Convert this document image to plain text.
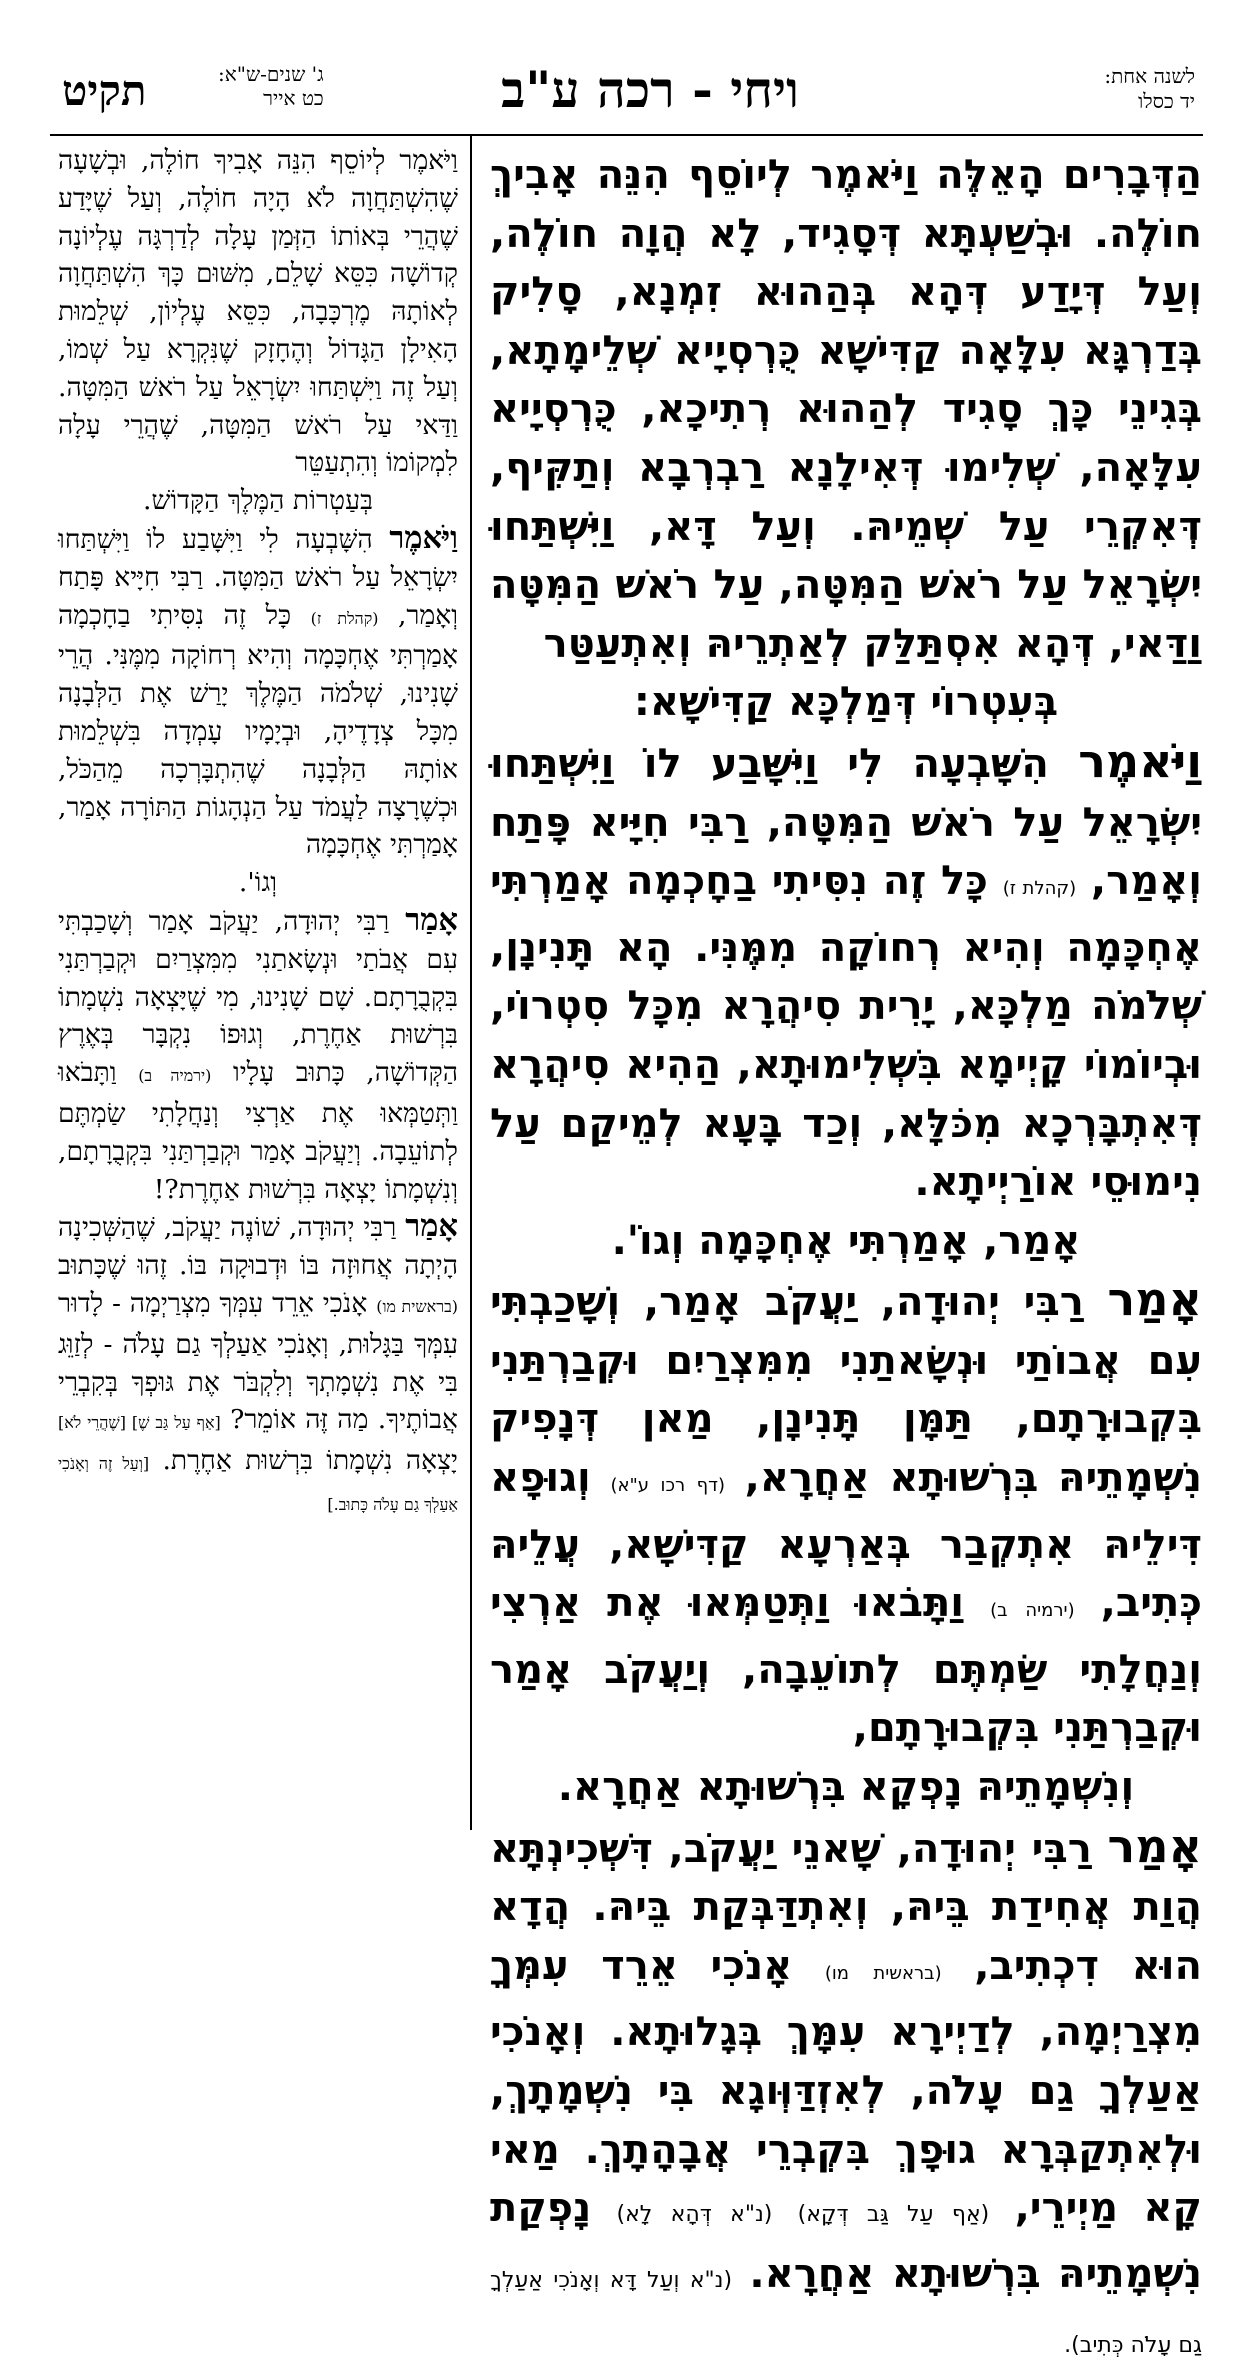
תקיט	ג' שנים-ש"א:
כט אייר	ויחי - רכה ע"ב	לשנה אחת:
יד כסלו

הַדְּבָרִים הָאֵלֶּה וַיֹּאמֶר לְיוֹסֵף הִנֵּה אָבִיךְ חוֹלֶה. וּבְשַׁעְתָּא דְּסָגִיד, לָא הֲוָה חוֹלֶה, וְעַל דְּיָדַע דְּהָא בְּהַהוּא זִמְנָא, סָלִיק בְּדַרְגָּא עִלָּאָה קַדִּישָׁא כֻּרְסְיָיא שְׁלֵימָתָא, בְּגִינֵי כָּךְ סָגִיד לְהַהוּא רְתִיכָא, כֻּרְסְיָיא עִלָּאָה, שְׁלִימוּ דְּאִילָנָא רַבְרְבָא וְתַקִּיף, דְּאִקְרֵי עַל שְׁמֵיהּ. וְעַל דָּא, וַיִּשְׁתַּחוּ יִשְׂרָאֵל עַל רֹאשׁ הַמִּטָּה, עַל רֹאשׁ הַמִּטָּה וַדַּאי, דְּהָא אִסְתַּלַּק לְאַתְרֵיהּ וְאִתְעַטַּר

בְּעִטְרוֹי דְּמַלְכָּא קַדִּישָׁא:

וַיֹּאמֶר הִשָּׁבְעָה לִי וַיִּשָּׁבַע לוֹ וַיִּשְׁתַּחוּ יִשְׂרָאֵל עַל רֹאשׁ הַמִּטָּה, רַבִּי חִיָּיא פָּתַח וְאָמַר, (קהלת ז) כָּל זֶה נִסִּיתִי בַחָכְמָה אָמַרְתִּי אֶחְכָּמָה וְהִיא רְחוֹקָה מִמֶּנִּי. הָא תָּנִינָן, שְׁלֹמֹה מַלְכָּא, יָרִית סִיהֲרָא מִכָּל סִטְרוֹי, וּבְיוֹמוֹי קָיְימָא בִּשְׁלִימוּתָא, הַהִיא סִיהֲרָא דְּאִתְבָּרְכָא מִכֹּלָּא, וְכַד בָּעָא לְמֵיקַם עַל נִימוּסֵי אוֹרַיְיתָא.

אָמַר, אָמַרְתִּי אֶחְכָּמָה וְגוֹ'.

אָמַר רַבִּי יְהוּדָה, יַעֲקֹב אָמַר, וְשָׁכַבְתִּי עִם אֲבוֹתַי וּנְשָׂאתַנִי מִמִּצְרַיִם וּקְבַרְתַּנִי בִּקְבוּרָתָם, תַּמָּן תָּנִינָן, מַאן דְּנָפִיק נִשְׁמָתֵיהּ בִּרְשׁוּתָא אַחֲרָא, (דף רכו ע"א) וְגוּפָא דִּילֵיהּ אִתְקְבַר בְּאַרְעָא קַדִּישָׁא, עֲלֵיהּ כְּתִיב, (ירמיה ב) וַתָּבֹאוּ וַתְּטַמְּאוּ אֶת אַרְצִי וְנַחֲלָתִי שַׂמְתֶּם לְתוֹעֵבָה, וְיַעֲקֹב אָמַר וּקְבַרְתַּנִי בִּקְבוּרָתָם,

וְנִשְׁמָתֵיהּ נָפְקָא בִּרְשׁוּתָא אַחֲרָא.

אָמַר רַבִּי יְהוּדָה, שָׁאנֵי יַעֲקֹב, דִּשְׁכִינְתָּא הֲוַת אֲחִידַת בֵּיהּ, וְאִתְדַּבְּקַת בֵּיהּ. הֲדָא הוּא דִכְתִיב, (בראשית מו) אָנֹכִי אֵרֵד עִמְּךָ מִצְרַיְמָה, לְדַיְירָא עִמָּךְ בְּגָלוּתָא. וְאָנֹכִי אַעַלְךָ גַם עָלֹה, לְאִזְדַּוְּוגָא בִּי נִשְׁמָתָךְ, וּלְאִתְקַבְּרָא גוּפָךְ בִּקְבְרֵי אֲבָהָתָךְ. מַאי קָא מַיְירֵי, (אַף עַל גַּב דְּקָא) (נ"א דְּהָא לָא) נָפְקַת נִשְׁמָתֵיהּ בִּרְשׁוּתָא אַחֲרָא. (נ"א וְעַל דָּא וְאָנֹכִי אַעַלְךָ גַם עָלֹה כְּתִיב).

וַיֹּאמֶר לְיוֹסֵף הִנֵּה אָבִיךָ חוֹלֶה, וּבְשָׁעָה שֶׁהִשְׁתַּחֲוָה לֹא הָיָה חוֹלֶה, וְעַל שֶׁיָּדַע שֶׁהֲרֵי בְּאוֹתוֹ הַזְּמַן עָלָה לְדַרְגָּה עֶלְיוֹנָה קְדוֹשָׁה כִּסֵּא שָׁלֵם, מִשּׁוּם כָּךְ הִשְׁתַּחֲוָה לְאוֹתָהּ מֶרְכָּבָה, כִּסֵּא עֶלְיוֹן, שְׁלֵמוּת הָאִילָן הַגָּדוֹל וְהֶחָזָק שֶׁנִּקְרָא עַל שְׁמוֹ, וְעַל זֶה וַיִּשְׁתַּחוּ יִשְׂרָאֵל עַל רֹאשׁ הַמִּטָּה. וַדַּאי עַל רֹאשׁ הַמִּטָּה, שֶׁהֲרֵי עָלָה לִמְקוֹמוֹ וְהִתְעַטֵּר

בְּעַטְרוֹת הַמֶּלֶךְ הַקָּדוֹשׁ.

וַיֹּאמֶר הִשָּׁבְעָה לִי וַיִּשָּׁבַע לוֹ וַיִּשְׁתַּחוּ יִשְׂרָאֵל עַל רֹאשׁ הַמִּטָּה. רַבִּי חִיָּיא פָּתַח וְאָמַר, (קהלת ז) כָּל זֶה נִסִּיתִי בַחָכְמָה אָמַרְתִּי אֶחְכָּמָה וְהִיא רְחוֹקָה מִמֶּנִּי. הֲרֵי שָׁנִינוּ, שְׁלֹמֹה הַמֶּלֶךְ יָרַשׁ אֶת הַלְּבָנָה מִכָּל צְדָדֶיהָ, וּבְיָמָיו עָמְדָה בִּשְׁלֵמוּת אוֹתָהּ הַלְּבָנָה שֶׁהִתְבָּרְכָה מֵהַכֹּל, וּכְשֶׁרָצָה לַעֲמֹד עַל הַנְהָגוֹת הַתּוֹרָה אָמַר, אָמַרְתִּי אֶחְכָּמָה

וְגוֹ'.

אָמַר רַבִּי יְהוּדָה, יַעֲקֹב אָמַר וְשָׁכַבְתִּי עִם אֲבֹתַי וּנְשָׂאתַנִי מִמִּצְרַיִם וּקְבַרְתַּנִי בִּקְבֻרָתָם. שָׁם שָׁנִינוּ, מִי שֶׁיָּצְאָה נִשְׁמָתוֹ בִּרְשׁוּת אַחֶרֶת, וְגוּפוֹ נִקְבָּר בְּאֶרֶץ הַקְּדוֹשָׁה, כָּתוּב עָלָיו (ירמיה ב) וַתָּבֹאוּ וַתְּטַמְּאוּ אֶת אַרְצִי וְנַחֲלָתִי שַׂמְתֶּם לְתוֹעֵבָה. וְיַעֲקֹב אָמַר וּקְבַרְתַּנִי בִּקְבֻרָתָם, וְנִשְׁמָתוֹ יָצְאָה בִּרְשׁוּת אַחֶרֶת?!

אָמַר רַבִּי יְהוּדָה, שׁוֹנֶה יַעֲקֹב, שֶׁהַשְּׁכִינָה הָיְתָה אֲחוּזָה בּוֹ וּדְבוּקָה בּוֹ. זֶהוּ שֶׁכָּתוּב (בראשית מו) אָנֹכִי אֵרֵד עִמְּךָ מִצְרַיְמָה - לָדוּר עִמְּךָ בַּגָּלוּת, וְאָנֹכִי אַעַלְךָ גַם עָלֹה - לְזַוֵּג בִּי אֶת נִשְׁמָתְךָ וְלִקְבֹּר אֶת גּוּפְךָ בְּקִבְרֵי אֲבוֹתֶיךָ. מַה זֶּה אוֹמֵר? [אַף עַל גַּב שֶׁ] [שֶׁהֲרֵי לֹא] יָצְאָה נִשְׁמָתוֹ בִּרְשׁוּת אַחֶרֶת. [וְעַל זֶה וְאָנֹכִי אַעַלְךָ גַם עָלֹה כָּתוּב.]
